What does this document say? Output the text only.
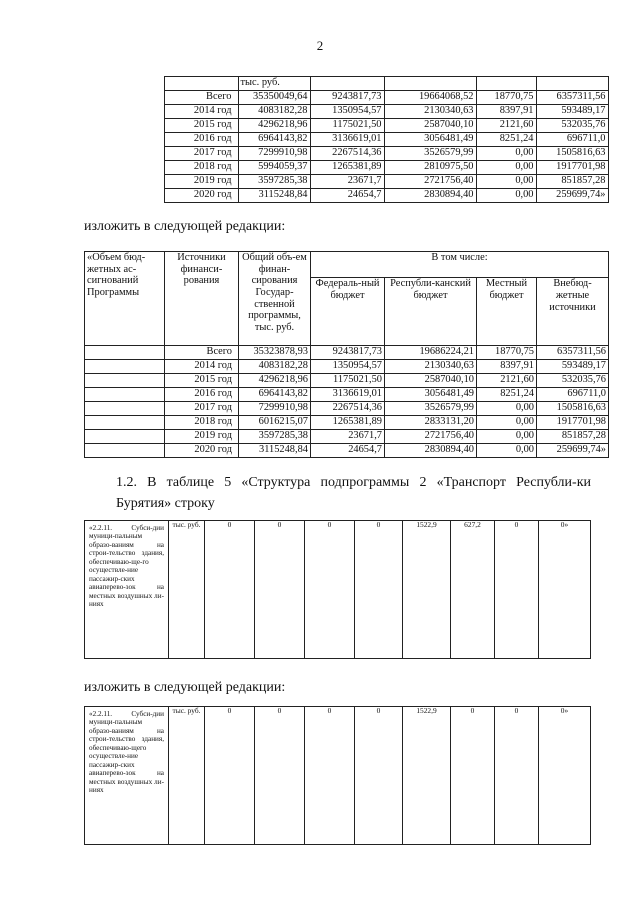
2
		тыс. руб.				
	Всего	35350049,64	9243817,73	19664068,52	18770,75	6357311,56
	2014 год	4083182,28	1350954,57	2130340,63	8397,91	593489,17
	2015 год	4296218,96	1175021,50	2587040,10	2121,60	532035,76
	2016 год	6964143,82	3136619,01	3056481,49	8251,24	696711,0
	2017 год	7299910,98	2267514,36	3526579,99	0,00	1505816,63
	2018 год	5994059,37	1265381,89	2810975,50	0,00	1917701,98
	2019 год	3597285,38	23671,7	2721756,40	0,00	851857,28
	2020 год	3115248,84	24654,7	2830894,40	0,00	259699,74»
изложить в следующей редакции:
«Объем бюд-жетных ас-сигнований Программы	Источники финанси-рования	Общий объ-ем финан-сирования Государ-ственной программы, тыс. руб.	В том числе:			
			Федераль-ный бюджет	Республи-канский бюджет	Местный бюджет	Внебюд-жетные источники
	Всего	35323878,93	9243817,73	19686224,21	18770,75	6357311,56
	2014 год	4083182,28	1350954,57	2130340,63	8397,91	593489,17
	2015 год	4296218,96	1175021,50	2587040,10	2121,60	532035,76
	2016 год	6964143,82	3136619,01	3056481,49	8251,24	696711,0
	2017 год	7299910,98	2267514,36	3526579,99	0,00	1505816,63
	2018 год	6016215,07	1265381,89	2833131,20	0,00	1917701,98
	2019 год	3597285,38	23671,7	2721756,40	0,00	851857,28
	2020 год	3115248,84	24654,7	2830894,40	0,00	259699,74»
1.2. В таблице 5 «Структура подпрограммы 2 «Транспорт Республи-ки Бурятия» строку
«2.2.11. Субси-дии муници-пальным образо-ваниям на строи-тельство здания, обеспечиваю-ще-го осуществле-ние пассажир-ских авиаперево-зок на местных воздушных ли-ниях	тыс. руб.	0	0	0	0	1522,9	627,2	0	0»
изложить в следующей редакции:
«2.2.11. Субси-дии муници-пальным образо-ваниям на строи-тельство здания, обеспечиваю-щего осуществле-ние пассажир-ских авиаперево-зок на местных воздушных ли-ниях	тыс. руб.	0	0	0	0	1522,9	0	0	0»
